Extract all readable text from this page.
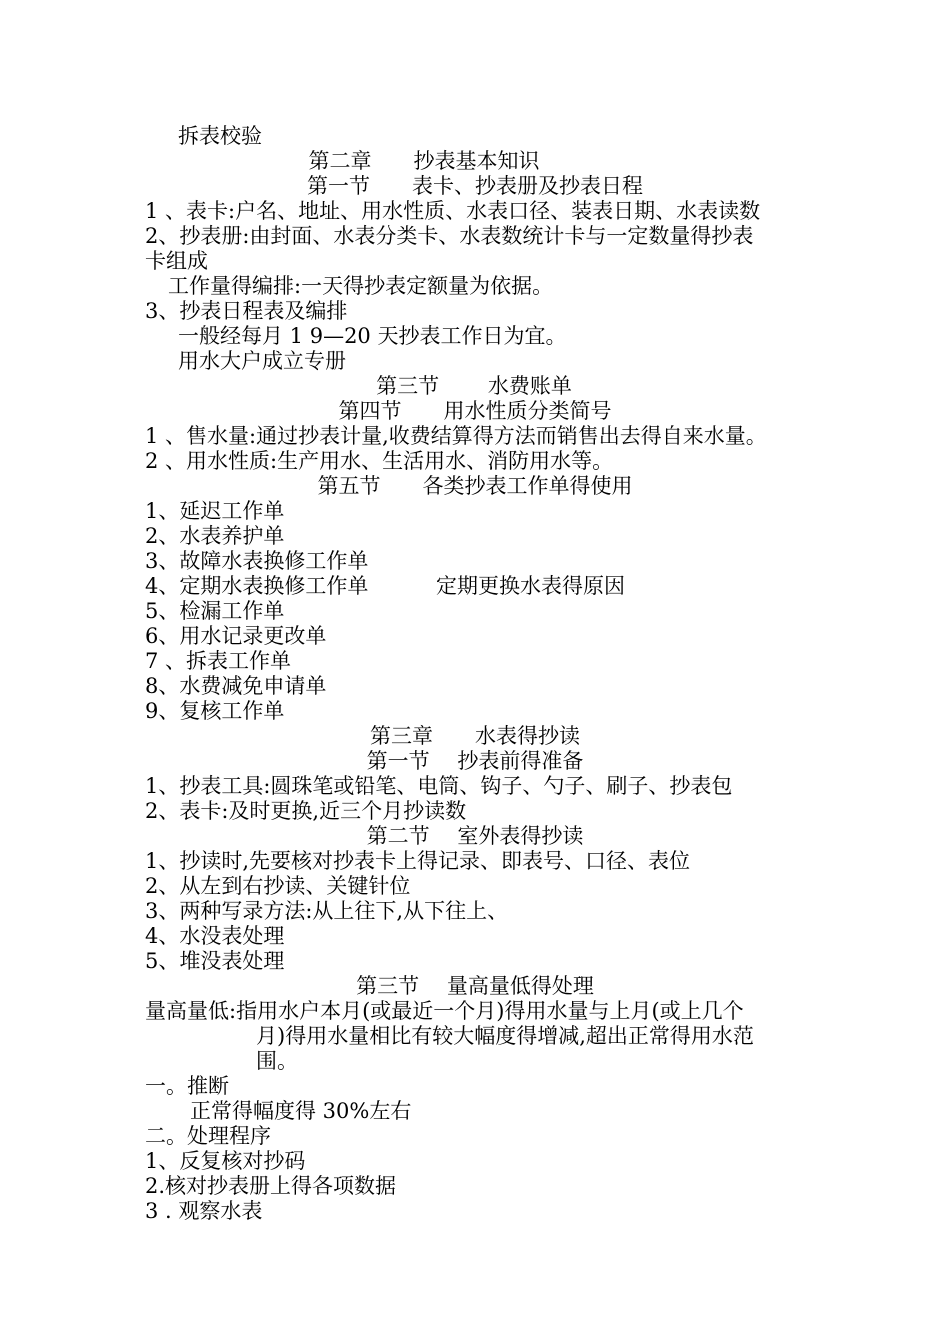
拆表校验
第二章　　抄表基本知识
第一节　　表卡、抄表册及抄表日程
1 、表卡:户名、地址、用水性质、水表口径、装表日期、水表读数
2、抄表册:由封面、水表分类卡、水表数统计卡与一定数量得抄表
卡组成
工作量得编排:一天得抄表定额量为依据。
3、抄表日程表及编排
一般经每月 1 9—20 天抄表工作日为宜。
用水大户成立专册
第三节　　 水费账单
第四节　　用水性质分类简号
1 、售水量:通过抄表计量,收费结算得方法而销售出去得自来水量。
2 、用水性质:生产用水、生活用水、消防用水等。
第五节　　各类抄表工作单得使用
1、延迟工作单
2、水表养护单
3、故障水表换修工作单
4、定期水表换修工作单	定期更换水表得原因
5、检漏工作单
6、用水记录更改单
7 、拆表工作单
8、水费减免申请单
9、复核工作单
第三章　　水表得抄读
第一节　 抄表前得准备
1、抄表工具:圆珠笔或铅笔、电筒、钩子、勺子、刷子、抄表包
2、表卡:及时更换,近三个月抄读数
第二节　 室外表得抄读
1、抄读时,先要核对抄表卡上得记录、即表号、口径、表位
2、从左到右抄读、关键针位
3、两种写录方法:从上往下,从下往上、
4、水没表处理
5、堆没表处理
第三节　 量高量低得处理
量高量低:指用水户本月(或最近一个月)得用水量与上月(或上几个
月)得用水量相比有较大幅度得增减,超出正常得用水范
围。
一。推断
正常得幅度得 30%左右
二。处理程序
1、反复核对抄码
2.核对抄表册上得各项数据
3 . 观察水表
